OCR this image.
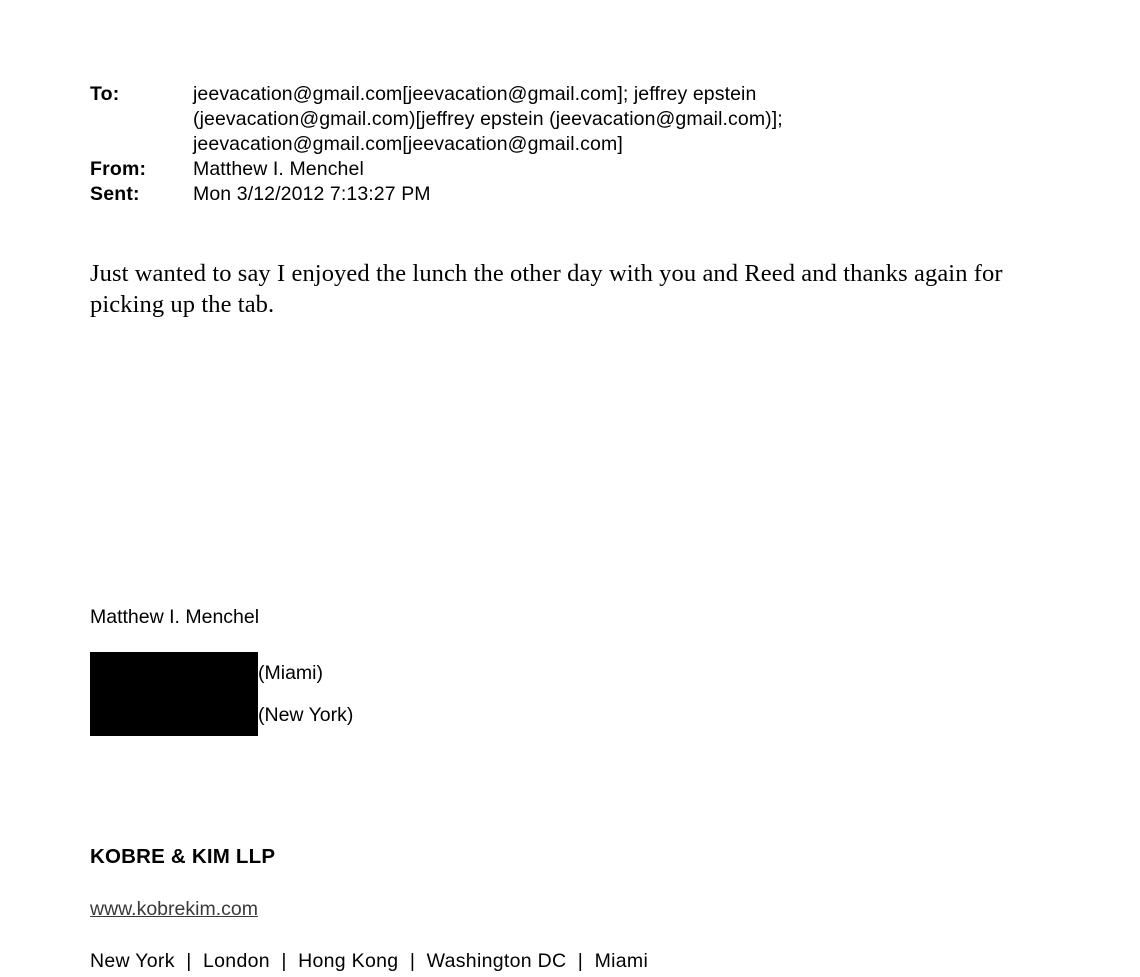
To:	jeevacation@gmail.com[jeevacation@gmail.com]; jeffrey epstein (jeevacation@gmail.com)[jeffrey epstein (jeevacation@gmail.com)]; jeevacation@gmail.com[jeevacation@gmail.com]
From:	Matthew I. Menchel
Sent:	Mon 3/12/2012 7:13:27 PM
Just wanted to say I enjoyed the lunch the other day with you and Reed and thanks again for picking up the tab.
Matthew I. Menchel
(Miami)
(New York)
KOBRE & KIM LLP
www.kobrekim.com
New York  |  London  |  Hong Kong  |  Washington DC  |  Miami
